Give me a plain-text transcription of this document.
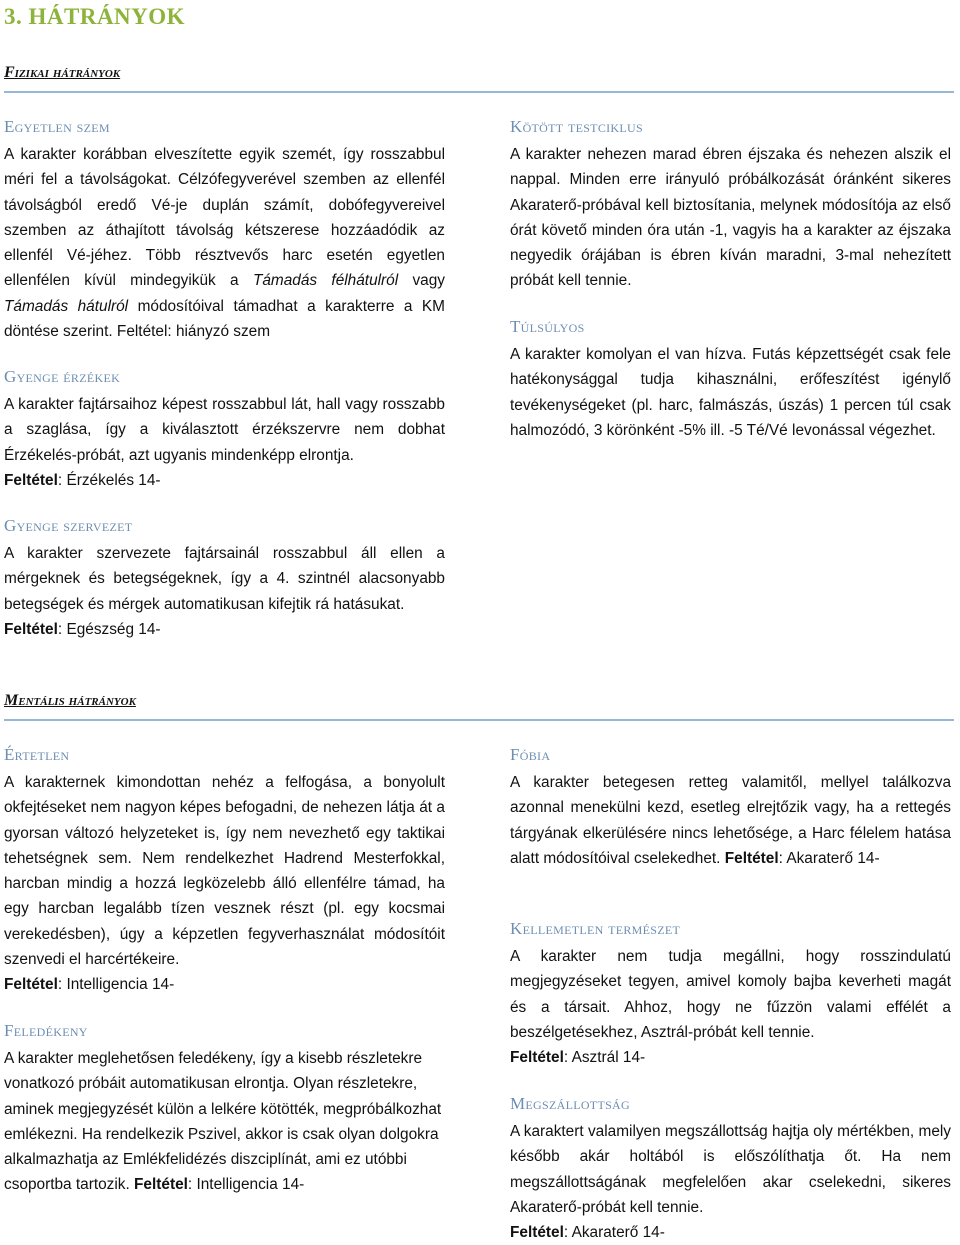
3. HÁTRÁNYOK
Fizikai hátrányok
Egyetlen szem

A karakter korábban elveszítette egyik szemét, így rosszabbul méri fel a távolságokat. Célzófegyverével szemben az ellenfél távolságból eredő Vé-je duplán számít, dobófegyvereivel szemben az áthajított távolság kétszerese hozzáadódik az ellenfél Vé-jéhez. Több résztvevős harc esetén egyetlen ellenfélen kívül mindegyikük a Támadás félhátulról vagy Támadás hátulról módosítóival támadhat a karakterre a KM döntése szerint. Feltétel: hiányzó szem

Gyenge érzékek

A karakter fajtársaihoz képest rosszabbul lát, hall vagy rosszabb a szaglása, így a kiválasztott érzékszervre nem dobhat Érzékelés-próbát, azt ugyanis mindenképp elrontja.

Feltétel: Érzékelés 14-

Gyenge szervezet

A karakter szervezete fajtársainál rosszabbul áll ellen a mérgeknek és betegségeknek, így a 4. szintnél alacsonyabb betegségek és mérgek automatikusan kifejtik rá hatásukat.

Feltétel: Egészség 14-

Kötött testciklus

A karakter nehezen marad ébren éjszaka és nehezen alszik el nappal. Minden erre irányuló próbálkozását óránként sikeres Akaraterő-próbával kell biztosítania, melynek módosítója az első órát követő minden óra után -1, vagyis ha a karakter az éjszaka negyedik órájában is ébren kíván maradni, 3-mal nehezített próbát kell tennie.

Túlsúlyos

A karakter komolyan el van hízva. Futás képzettségét csak fele hatékonysággal tudja kihasználni, erőfeszítést igénylő tevékenységeket (pl. harc, falmászás, úszás) 1 percen túl csak halmozódó, 3 körönként -5% ill. -5 Té/Vé levonással végezhet.

Mentális hátrányok
Értetlen

A karakternek kimondottan nehéz a felfogása, a bonyolult okfejtéseket nem nagyon képes befogadni, de nehezen látja át a gyorsan változó helyzeteket is, így nem nevezhető egy taktikai tehetségnek sem. Nem rendelkezhet Hadrend Mesterfokkal, harcban mindig a hozzá legközelebb álló ellenfélre támad, ha egy harcban legalább tízen vesznek részt (pl. egy kocsmai verekedésben), úgy a képzetlen fegyverhasználat módosítóit szenvedi el harcértékeire.

Feltétel: Intelligencia 14-

Feledékeny

A karakter meglehetősen feledékeny, így a kisebb részletekre vonatkozó próbáit automatikusan elrontja. Olyan részletekre, aminek megjegyzését külön a lelkére kötötték, megpróbálkozhat emlékezni. Ha rendelkezik Pszivel, akkor is csak olyan dolgokra alkalmazhatja az Emlékfelidézés diszciplínát, ami ez utóbbi csoportba tartozik. Feltétel: Intelligencia 14-

Fóbia

A karakter betegesen retteg valamitől, mellyel találkozva azonnal menekülni kezd, esetleg elrejtőzik vagy, ha a rettegés tárgyának elkerülésére nincs lehetősége, a Harc félelem hatása alatt módosítóival cselekedhet. Feltétel: Akaraterő 14-

Kellemetlen természet

A karakter nem tudja megállni, hogy rosszindulatú megjegyzéseket tegyen, amivel komoly bajba keverheti magát és a társait. Ahhoz, hogy ne fűzzön valami effélét a beszélgetésekhez, Asztrál-próbát kell tennie.

Feltétel: Asztrál 14-

Megszállottság

A karaktert valamilyen megszállottság hajtja oly mértékben, mely később akár holtából is előszólíthatja őt. Ha nem megszállottságának megfelelően akar cselekedni, sikeres Akaraterő-próbát kell tennie.

Feltétel: Akaraterő 14-
